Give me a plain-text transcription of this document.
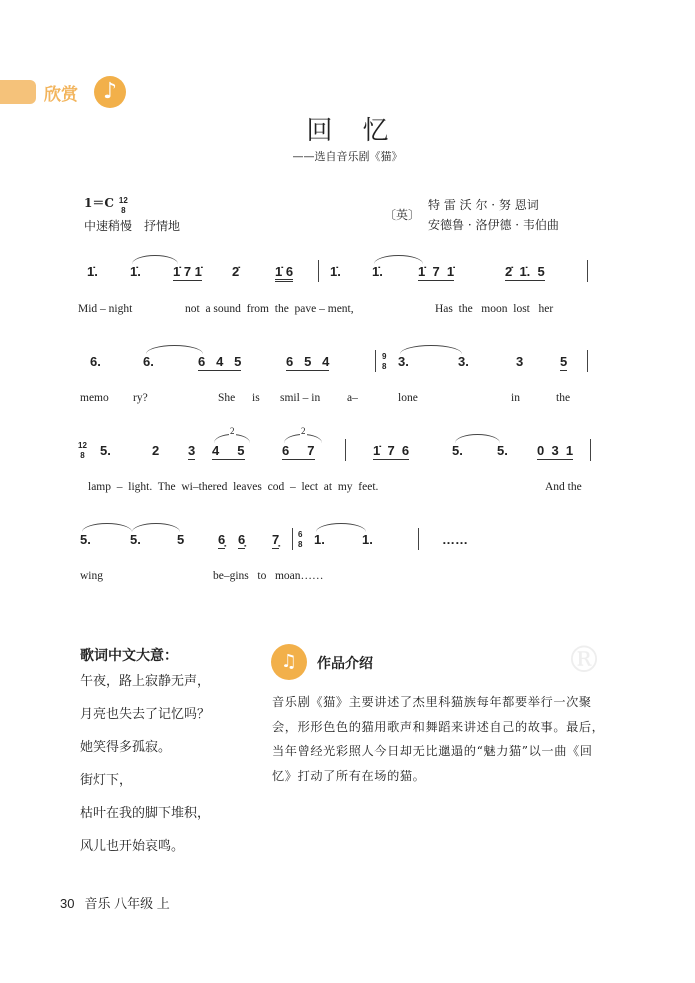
欣赏	♪
®
回忆
——选自音乐剧《猫》
1＝C 12
8
中速稍慢　抒情地
〔英〕
特 雷 沃 尔 · 努 恩词
安德鲁 · 洛伊德 · 韦伯曲
1̇. 1̇. 1̇ 7 1̇ 2̇	1̇ 6	1̇. 1̇.	1̇  7  1̇	2̇  1̇.  5
Mid – night	not  a sound  from  the  pave – ment,	Has  the   moon  lost   her
6.	6.	6   4   5	6   5   4	3.	3.	3	5
9
8
memo ry?	She is smil – in a–	lone	in	the
5.	2 3 4     5	6     7	1̇  7  6	5.	5. 0  3  1
12
8
2	2
lamp  –  light.  The  wi–thered  leaves  cod  –  lect  at  my  feet.	And the
5.	5.	5	6̣ 6̣ 7̣	1.	1.	……
6
8
wing	be–gins   to   moan……
歌词中文大意：
午夜，路上寂静无声，
月亮也失去了记忆吗？
她笑得多孤寂。
街灯下，
枯叶在我的脚下堆积，
风儿也开始哀鸣。
♫	作品介绍
音乐剧《猫》主要讲述了杰里科猫族每年都要举行一次聚会，形形色色的猫用歌声和舞蹈来讲述自己的故事。最后，当年曾经光彩照人今日却无比邋遢的“魅力猫”以一曲《回忆》打动了所有在场的猫。
30 音乐 八年级 上
